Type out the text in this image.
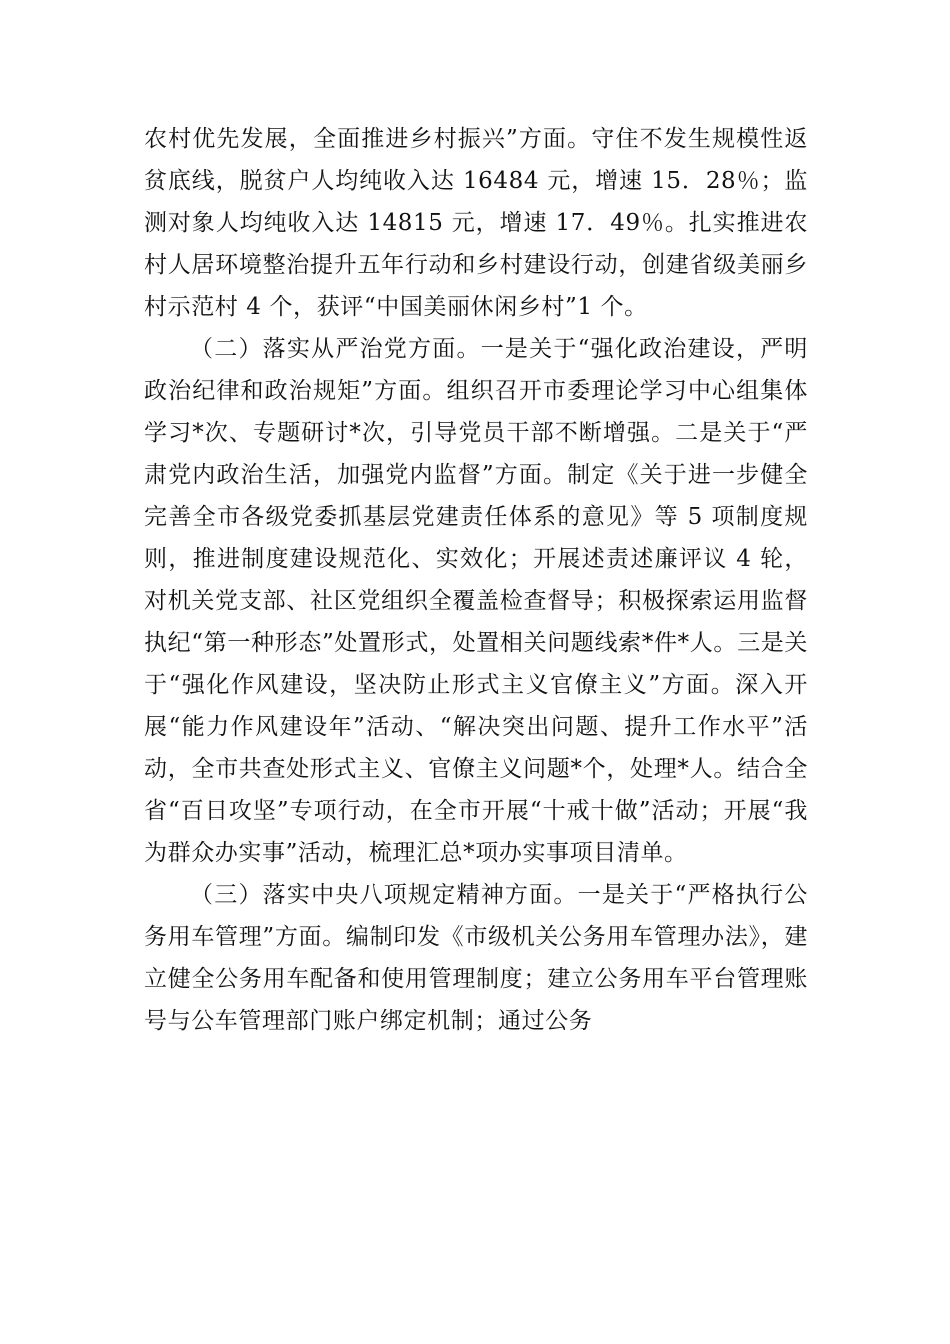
农村优先发展，全面推进乡村振兴”方面。守住不发生规模性返贫底线，脱贫户人均纯收入达 16484 元，增速 15．28％；监测对象人均纯收入达 14815 元，增速 17．49％。扎实推进农村人居环境整治提升五年行动和乡村建设行动，创建省级美丽乡村示范村 4 个，获评“中国美丽休闲乡村”1 个。

（二）落实从严治党方面。一是关于“强化政治建设，严明政治纪律和政治规矩”方面。组织召开市委理论学习中心组集体学习*次、专题研讨*次，引导党员干部不断增强。二是关于“严肃党内政治生活，加强党内监督”方面。制定《关于进一步健全完善全市各级党委抓基层党建责任体系的意见》等 5 项制度规则，推进制度建设规范化、实效化；开展述责述廉评议 4 轮，对机关党支部、社区党组织全覆盖检查督导；积极探索运用监督执纪“第一种形态”处置形式，处置相关问题线索*件*人。三是关于“强化作风建设，坚决防止形式主义官僚主义”方面。深入开展“能力作风建设年”活动、“解决突出问题、提升工作水平”活动，全市共查处形式主义、官僚主义问题*个，处理*人。结合全省“百日攻坚”专项行动，在全市开展“十戒十做”活动；开展“我为群众办实事”活动，梳理汇总*项办实事项目清单。

（三）落实中央八项规定精神方面。一是关于“严格执行公务用车管理”方面。编制印发《市级机关公务用车管理办法》，建立健全公务用车配备和使用管理制度；建立公务用车平台管理账号与公车管理部门账户绑定机制；通过公务
